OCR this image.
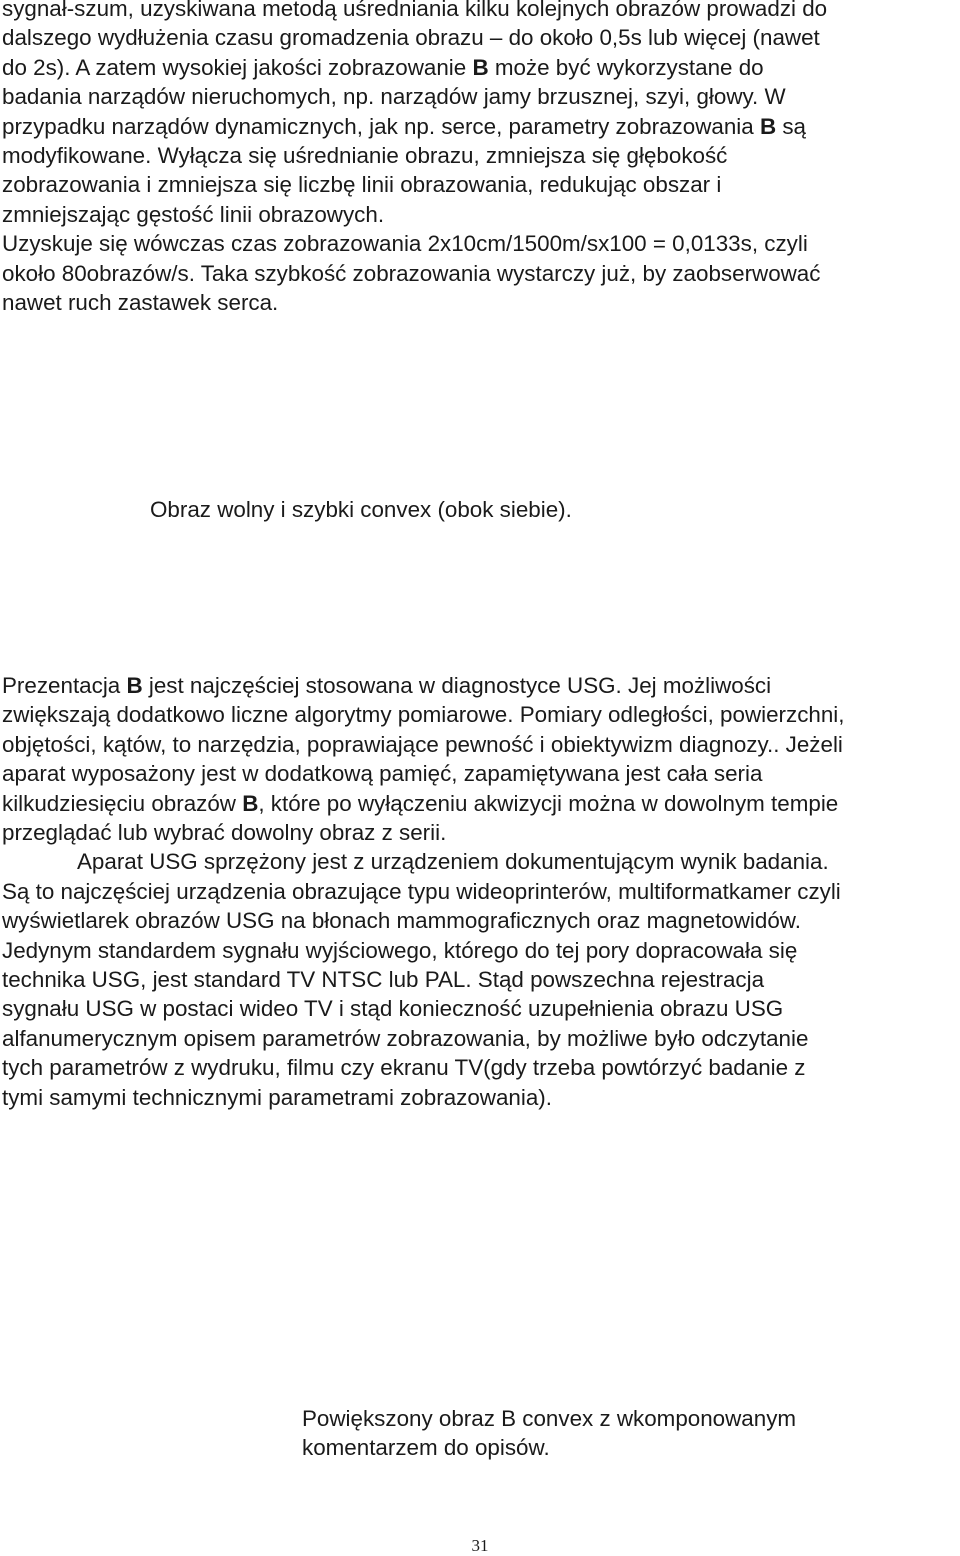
sygnał-szum, uzyskiwana metodą uśredniania kilku kolejnych obrazów prowadzi do
dalszego wydłużenia czasu gromadzenia obrazu – do około 0,5s lub więcej (nawet
do 2s). A zatem wysokiej jakości zobrazowanie B może być wykorzystane do
badania narządów nieruchomych, np. narządów jamy brzusznej, szyi, głowy. W
przypadku narządów dynamicznych, jak np. serce, parametry zobrazowania B są
modyfikowane. Wyłącza się uśrednianie obrazu, zmniejsza się głębokość
zobrazowania i zmniejsza się liczbę linii obrazowania, redukując obszar i
zmniejszając gęstość linii obrazowych.
Uzyskuje się wówczas czas zobrazowania 2x10cm/1500m/sx100 = 0,0133s, czyli
około 80obrazów/s. Taka szybkość zobrazowania wystarczy już, by zaobserwować
nawet ruch zastawek serca.
Obraz wolny i szybki convex (obok siebie).
Prezentacja B jest najczęściej stosowana w diagnostyce USG. Jej możliwości
zwiększają dodatkowo liczne algorytmy pomiarowe. Pomiary odległości, powierzchni,
objętości, kątów, to narzędzia, poprawiające pewność i obiektywizm diagnozy.. Jeżeli
aparat wyposażony jest w dodatkową pamięć, zapamiętywana jest cała seria
kilkudziesięciu obrazów B, które po wyłączeniu akwizycji można w dowolnym tempie
przeglądać lub wybrać dowolny obraz z serii.
Aparat USG sprzężony jest z urządzeniem dokumentującym wynik badania.
Są to najczęściej urządzenia obrazujące typu wideoprinterów, multiformatkamer czyli
wyświetlarek obrazów USG na błonach mammograficznych oraz magnetowidów.
Jedynym standardem sygnału wyjściowego, którego do tej pory dopracowała się
technika USG, jest standard TV NTSC lub PAL. Stąd powszechna rejestracja
sygnału USG w postaci wideo TV i stąd konieczność uzupełnienia obrazu USG
alfanumerycznym opisem parametrów zobrazowania, by możliwe było odczytanie
tych parametrów z wydruku, filmu czy ekranu TV(gdy trzeba powtórzyć badanie z
tymi samymi technicznymi parametrami zobrazowania).
Powiększony obraz B convex z wkomponowanym
komentarzem do opisów.
31
